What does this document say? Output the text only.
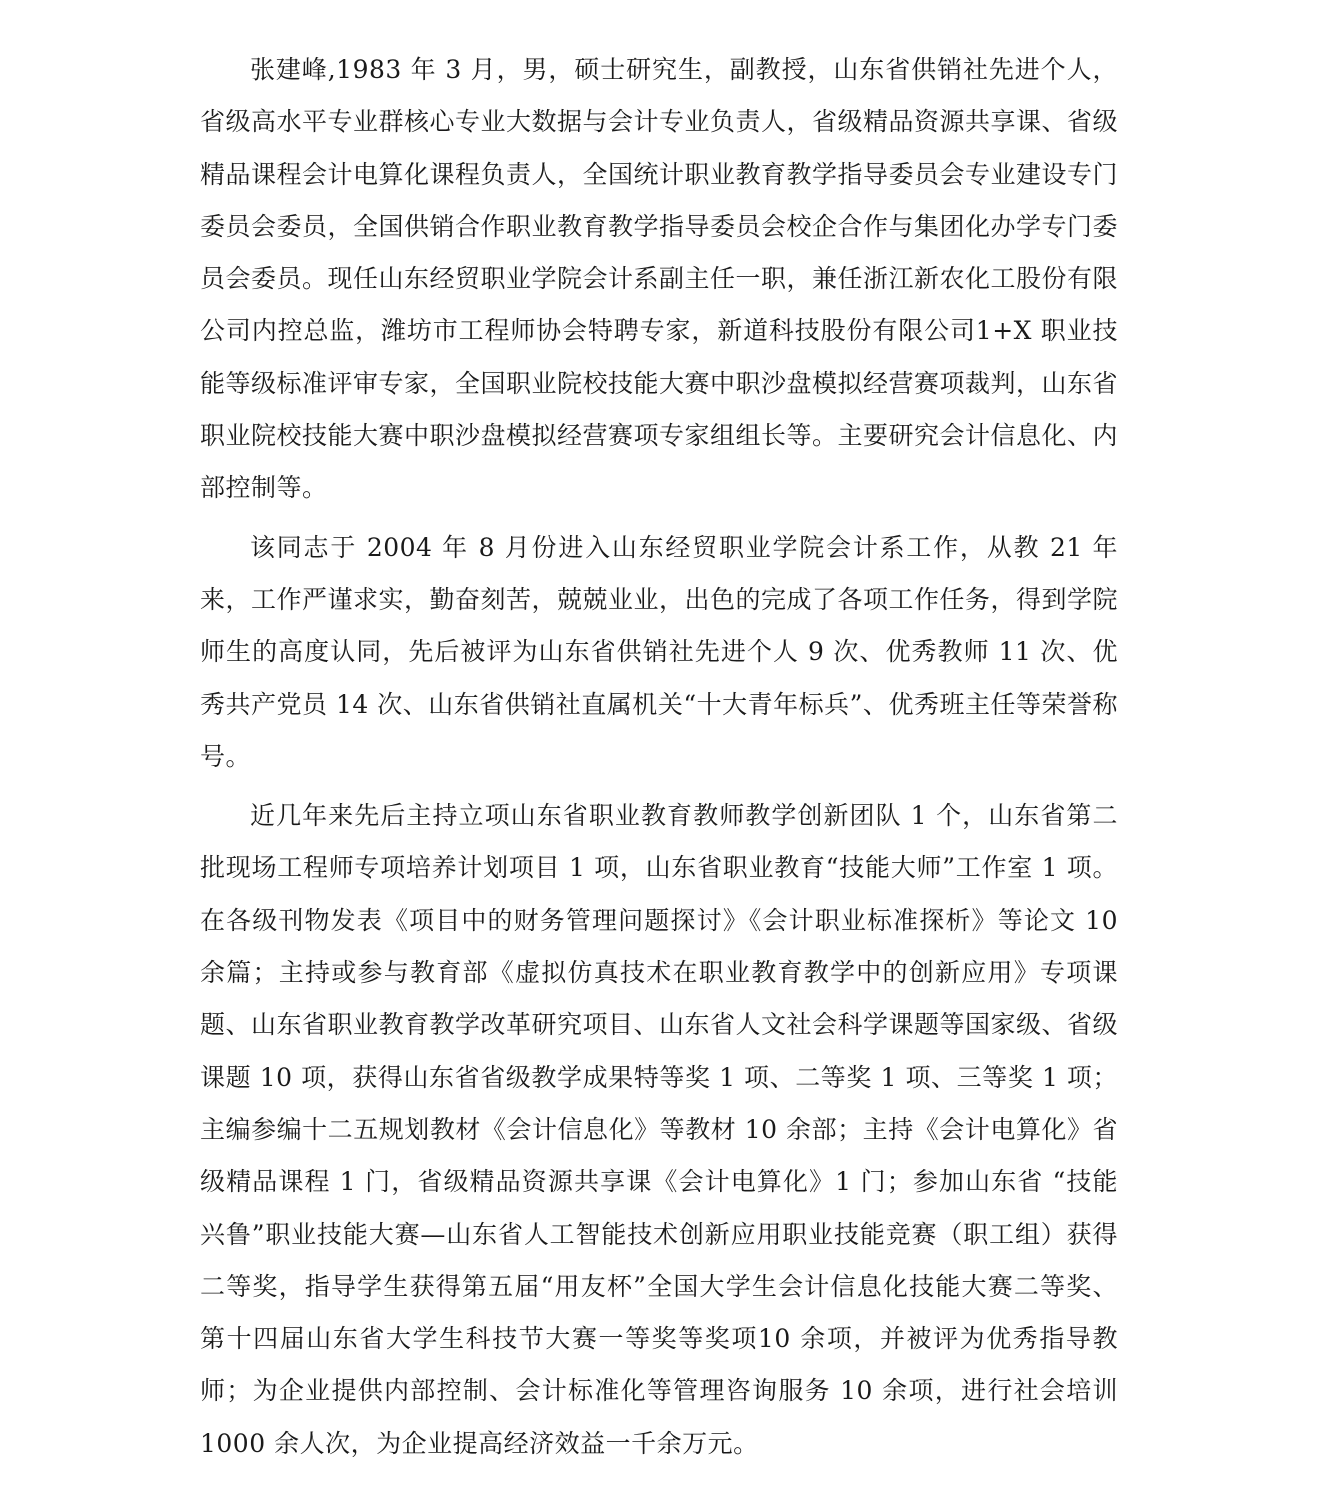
张建峰,1983 年 3 月，男，硕士研究生，副教授，山东省供销社先进个人，省级高水平专业群核心专业大数据与会计专业负责人，省级精品资源共享课、省级精品课程会计电算化课程负责人，全国统计职业教育教学指导委员会专业建设专门委员会委员，全国供销合作职业教育教学指导委员会校企合作与集团化办学专门委员会委员。现任山东经贸职业学院会计系副主任一职，兼任浙江新农化工股份有限公司内控总监，潍坊市工程师协会特聘专家，新道科技股份有限公司1+X 职业技能等级标准评审专家，全国职业院校技能大赛中职沙盘模拟经营赛项裁判，山东省职业院校技能大赛中职沙盘模拟经营赛项专家组组长等。主要研究会计信息化、内部控制等。

该同志于 2004 年 8 月份进入山东经贸职业学院会计系工作，从教 21 年来，工作严谨求实，勤奋刻苦，兢兢业业，出色的完成了各项工作任务，得到学院师生的高度认同，先后被评为山东省供销社先进个人 9 次、优秀教师 11 次、优秀共产党员 14 次、山东省供销社直属机关“十大青年标兵”、优秀班主任等荣誉称号。

近几年来先后主持立项山东省职业教育教师教学创新团队 1 个，山东省第二批现场工程师专项培养计划项目 1 项，山东省职业教育“技能大师”工作室 1 项。在各级刊物发表《项目中的财务管理问题探讨》《会计职业标准探析》等论文 10 余篇；主持或参与教育部《虚拟仿真技术在职业教育教学中的创新应用》专项课题、山东省职业教育教学改革研究项目、山东省人文社会科学课题等国家级、省级课题 10 项，获得山东省省级教学成果特等奖 1 项、二等奖 1 项、三等奖 1 项；主编参编十二五规划教材《会计信息化》等教材 10 余部；主持《会计电算化》省级精品课程 1 门，省级精品资源共享课《会计电算化》1 门；参加山东省 “技能兴鲁”职业技能大赛—山东省人工智能技术创新应用职业技能竞赛（职工组）获得二等奖，指导学生获得第五届“用友杯”全国大学生会计信息化技能大赛二等奖、第十四届山东省大学生科技节大赛一等奖等奖项10 余项，并被评为优秀指导教师；为企业提供内部控制、会计标准化等管理咨询服务 10 余项，进行社会培训 1000 余人次，为企业提高经济效益一千余万元。
